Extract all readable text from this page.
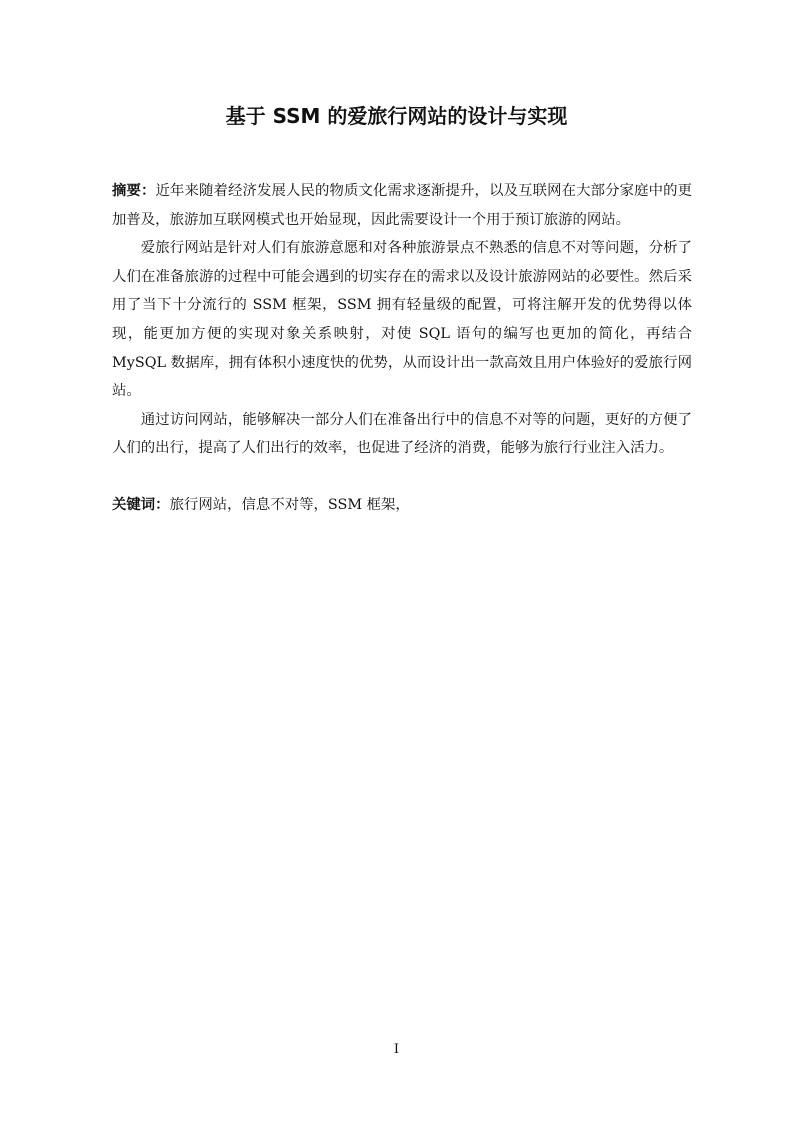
基于 SSM 的爱旅行网站的设计与实现

摘要：近年来随着经济发展人民的物质文化需求逐渐提升，以及互联网在大部分家庭中的更加普及，旅游加互联网模式也开始显现，因此需要设计一个用于预订旅游的网站。

爱旅行网站是针对人们有旅游意愿和对各种旅游景点不熟悉的信息不对等问题，分析了人们在准备旅游的过程中可能会遇到的切实存在的需求以及设计旅游网站的必要性。然后采用了当下十分流行的 SSM 框架，SSM 拥有轻量级的配置，可将注解开发的优势得以体现，能更加方便的实现对象关系映射，对使 SQL 语句的编写也更加的简化，再结合 MySQL 数据库，拥有体积小速度快的优势，从而设计出一款高效且用户体验好的爱旅行网站。

通过访问网站，能够解决一部分人们在准备出行中的信息不对等的问题，更好的方便了人们的出行，提高了人们出行的效率，也促进了经济的消费，能够为旅行行业注入活力。

关键词：旅行网站，信息不对等，SSM 框架，
I
